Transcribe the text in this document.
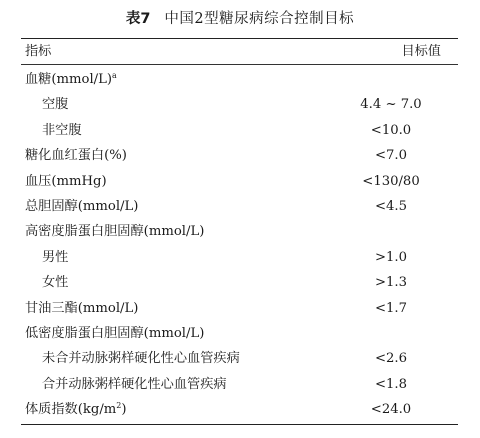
表7 中国2型糖尿病综合控制目标
指标	目标值
血糖(mmol/L)$^a$
空腹	4.4 ~ 7.0
非空腹	<10.0
糖化血红蛋白(%)	<7.0
血压(mmHg)	<130/80
总胆固醇(mmol/L)	<4.5
高密度脂蛋白胆固醇(mmol/L)
男性	>1.0
女性	>1.3
甘油三酯(mmol/L)	<1.7
低密度脂蛋白胆固醇(mmol/L)
未合并动脉粥样硬化性心血管疾病	<2.6
合并动脉粥样硬化性心血管疾病	<1.8
体质指数$(kg/m^2)$	<24.0
